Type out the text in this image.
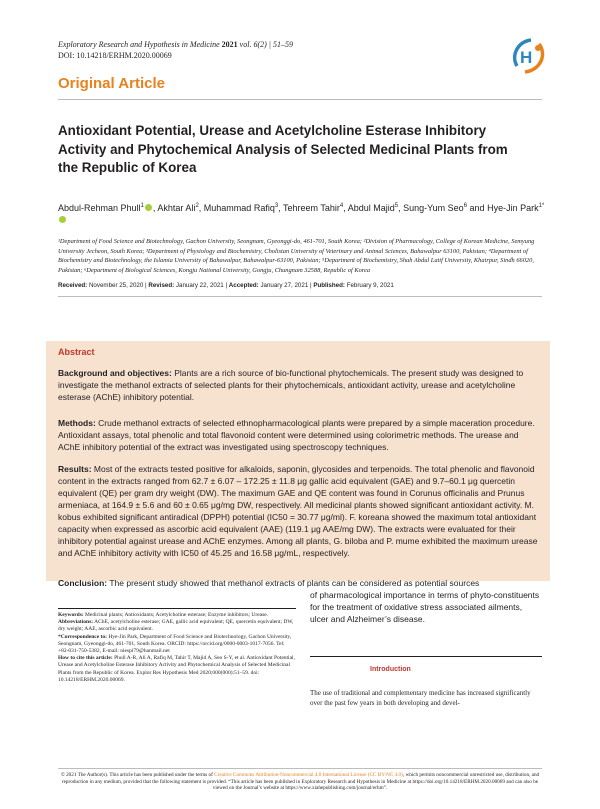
Exploratory Research and Hypothesis in Medicine 2021 vol. 6(2) | 51–59
DOI: 10.14218/ERHM.2020.00069	H
Original Article
Antioxidant Potential, Urease and Acetylcholine Esterase Inhibitory Activity and Phytochemical Analysis of Selected Medicinal Plants from the Republic of Korea
Abdul-Rehman Phull$^1$ , Akhtar Ali$^2$, Muhammad Rafiq$^3$, Tehreem Tahir$^4$, Abdul Majid$^5$, Sung-Yum Seo$^6$ and Hye-Jin Park$^{1*}$
¹Department of Food Science and Biotechnology, Gachon University, Seongnam, Gyeonggi-do, 461-701, South Korea; ²Division of Pharmacology, College of Korean Medicine, Semyung University Jecheon, South Korea; ³Department of Physiology and Biochemistry, Cholistan University of Veterinary and Animal Sciences, Bahawalpur 63100, Pakistan; ⁴Department of Biochemistry and Biotechnology, the Islamia University of Bahawalpur, Bahawalpur-63100, Pakistan; ⁵Department of Biochemistry, Shah Abdul Latif University, Khairpur, Sindh 66020, Pakistan; ⁶Department of Biological Sciences, Kongju National University, Gongju, Chungnam 32588, Republic of Korea
Received: November 25, 2020 | Revised: January 22, 2021 | Accepted: January 27, 2021 | Published: February 9, 2021
Abstract
Background and objectives: Plants are a rich source of bio-functional phytochemicals. The present study was designed to investigate the methanol extracts of selected plants for their phytochemicals, antioxidant activity, urease and acetylcholine esterase (AChE) inhibitory potential.
Methods: Crude methanol extracts of selected ethnopharmacological plants were prepared by a simple maceration procedure. Antioxidant assays, total phenolic and total flavonoid content were determined using colorimetric methods. The urease and AChE inhibitory potential of the extract was investigated using spectroscopy techniques.
Results: Most of the extracts tested positive for alkaloids, saponin, glycosides and terpenoids. The total phenolic and flavonoid content in the extracts ranged from 62.7 ± 6.07 – 172.25 ± 11.8 μg gallic acid equivalent (GAE) and 9.7–60.1 μg quercetin equivalent (QE) per gram dry weight (DW). The maximum GAE and QE content was found in Corunus officinalis and Prunus armeniaca, at 164.9 ± 5.6 and 60 ± 0.65 μg/mg DW, respectively. All medicinal plants showed significant antioxidant activity. M. kobus exhibited significant antiradical (DPPH) potential (IC50 = 30.77 μg/ml). F. koreana showed the maximum total antioxidant capacity when expressed as ascorbic acid equivalent (AAE) (119.1 μg AAE/mg DW). The extracts were evaluated for their inhibitory potential against urease and AChE enzymes. Among all plants, G. biloba and P. mume exhibited the maximum urease and AChE inhibitory activity with IC50 of 45.25 and 16.58 μg/mL, respectively.
Conclusion: The present study showed that methanol extracts of plants can be considered as potential sources
of pharmacological importance in terms of phyto-constituents for the treatment of oxidative stress associated ailments, ulcer and Alzheimer’s disease.
Keywords: Medicinal plants; Antioxidants; Acetylcholine esterase; Enzyme inhibitors; Urease.
Abbreviations: AChE, acetylcholine esterase; GAE, gallic acid equivalent; QE, quercetin equivalent; DW, dry weight; AAE, ascorbic acid equivalent.
*Correspondence to: Hye-Jin Park, Department of Food Science and Biotechnology, Gachon University, Seongnam, Gyeonggi-do, 461-701, South Korea. ORCID: https://orcid.org/0000-0003-1017-7056. Tel: +82-031-750-5382, E-mail: niespi79@hanmail.net
How to cite this article: Phull A-R, Ali A, Rafiq M, Tahir T, Majid A, Seo S-Y, et al. Antioxidant Potential, Urease and Acetylcholine Esterase Inhibitory Activity and Phytochemical Analysis of Selected Medicinal Plants from the Republic of Korea. Explor Res Hypothesis Med 2020;000(000):51–59. doi: 10.14218/ERHM.2020.00069.
Introduction
The use of traditional and complementary medicine has increased significantly over the past few years in both developing and devel-
© 2021 The Author(s). This article has been published under the terms of Creative Commons Attribution-Noncommercial 4.0 International License (CC BY-NC 4.0), which permits noncommercial unrestricted use, distribution, and reproduction in any medium, provided that the following statement is provided. “This article has been published in Exploratory Research and Hypothesis in Medicine at https://doi.org/10.14218/ERHM.2020.00069 and can also be viewed on the Journal’s website at https://www.xiahepublishing.com/journal/erhm”.
